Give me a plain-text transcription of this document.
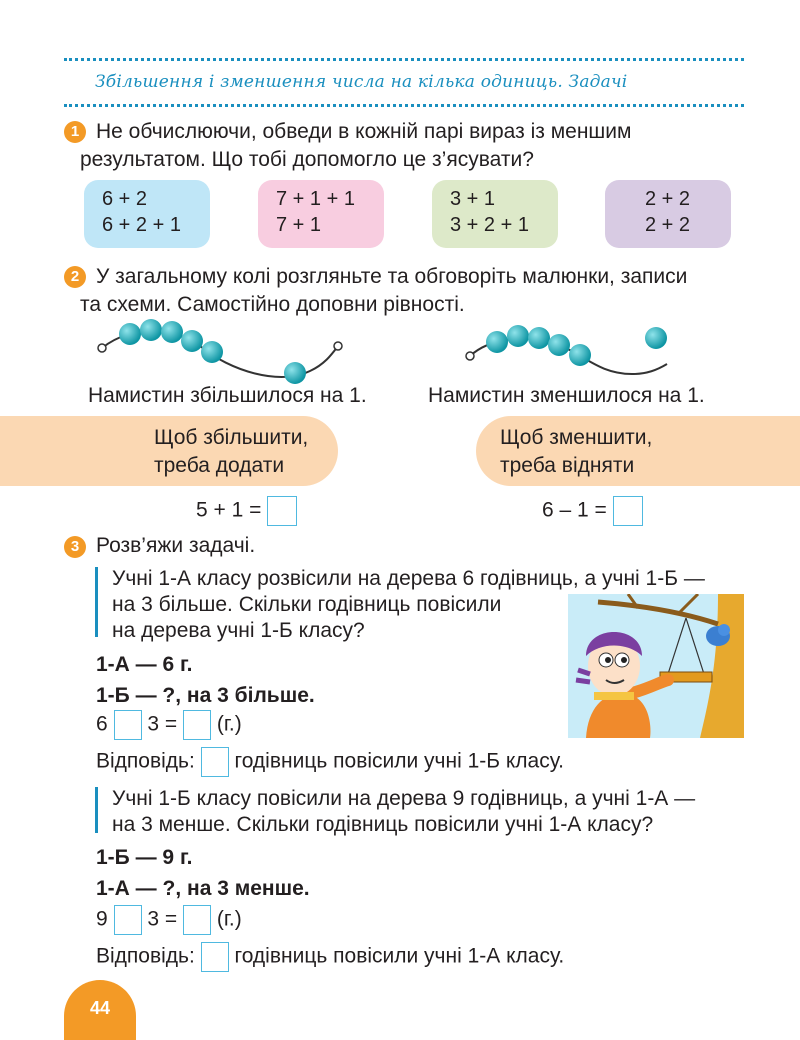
Збільшення і зменшення числа на кілька одиниць. Задачі
1 Не обчислюючи, обведи в кожній парі вираз із меншим
результатом. Що тобі допомогло це з’ясувати?
6 + 2
6 + 2 + 1
7 + 1 + 1
7 + 1
3 + 1
3 + 2 + 1
2 + 2
2 + 2
2 У загальному колі розгляньте та обговоріть малюнки, записи
та схеми. Самостійно доповни рівності.
Намистин збільшилося на 1.	Намистин зменшилося на 1.
Щоб збільшити,
треба додати
Щоб зменшити,
треба відняти
5 + 1 =	6 – 1 =
3 Розв’яжи задачі.
Учні 1-А класу розвісили на дерева 6 годівниць, а учні 1-Б —
на 3 більше. Скільки годівниць повісили
на дерева учні 1-Б класу?
1-А — 6 г.
1-Б — ?, на 3 більше.
6 3 = (г.)
Відповідь: годівниць повісили учні 1-Б класу.
Учні 1-Б класу повісили на дерева 9 годівниць, а учні 1-А —
на 3 менше. Скільки годівниць повісили учні 1-А класу?
1-Б — 9 г.
1-А — ?, на 3 менше.
9 3 = (г.)
Відповідь: годівниць повісили учні 1-А класу.
44
